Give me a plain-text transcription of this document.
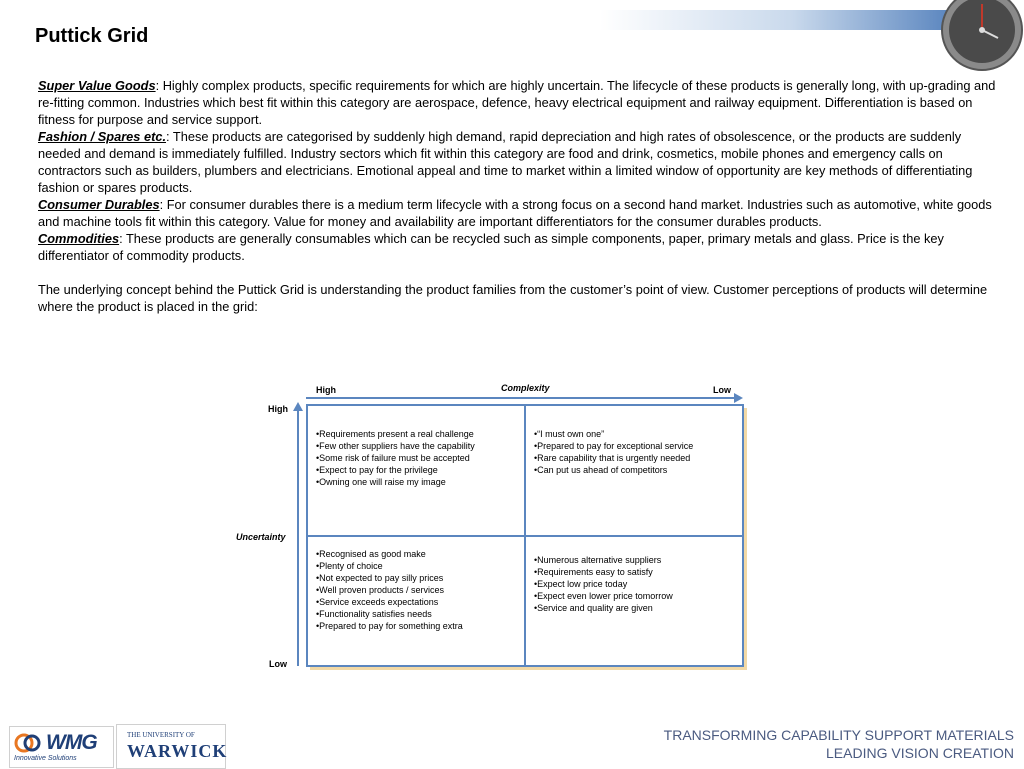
Puttick Grid

Super Value Goods: Highly complex products, specific requirements for which are highly uncertain. The lifecycle of these products is generally long, with up-grading and re-fitting common. Industries which best fit within this category are aerospace, defence, heavy electrical equipment and railway equipment. Differentiation is based on fitness for purpose and service support.

Fashion / Spares etc.: These products are categorised by suddenly high demand, rapid depreciation and high rates of obsolescence, or the products are suddenly needed and demand is immediately fulfilled. Industry sectors which fit within this category are food and drink, cosmetics, mobile phones and emergency calls on contractors such as builders, plumbers and electricians. Emotional appeal and time to market within a limited window of opportunity are key methods of differentiating fashion or spares products.

Consumer Durables: For consumer durables there is a medium term lifecycle with a strong focus on a second hand market. Industries such as automotive, white goods and machine tools fit within this category. Value for money and availability are important differentiators for the consumer durables products.

Commodities: These products are generally consumables which can be recycled such as simple components, paper, primary metals and glass. Price is the key differentiator of commodity products.

The underlying concept behind the Puttick Grid is understanding the product families from the customer’s point of view. Customer perceptions of products will determine where the product is placed in the grid:

High	Complexity	Low
High
Uncertainty
Low
•Requirements present a real challenge
•Few other suppliers have the capability
•Some risk of failure must be accepted
•Expect to pay for the privilege
•Owning one will raise my image
•“I must own one”
•Prepared to pay for exceptional service
•Rare capability that is urgently needed
•Can put us ahead of competitors
•Recognised as good make
•Plenty of choice
•Not expected to pay silly prices
•Well proven products / services
•Service exceeds expectations
•Functionality satisfies needs
•Prepared to pay for something extra
•Numerous alternative suppliers
•Requirements easy to satisfy
•Expect low price today
•Expect even lower price tomorrow
•Service and quality are given
WMG
Innovative Solutions
THE UNIVERSITY OF
WARWICK
TRANSFORMING CAPABILITY SUPPORT MATERIALS
LEADING VISION CREATION
